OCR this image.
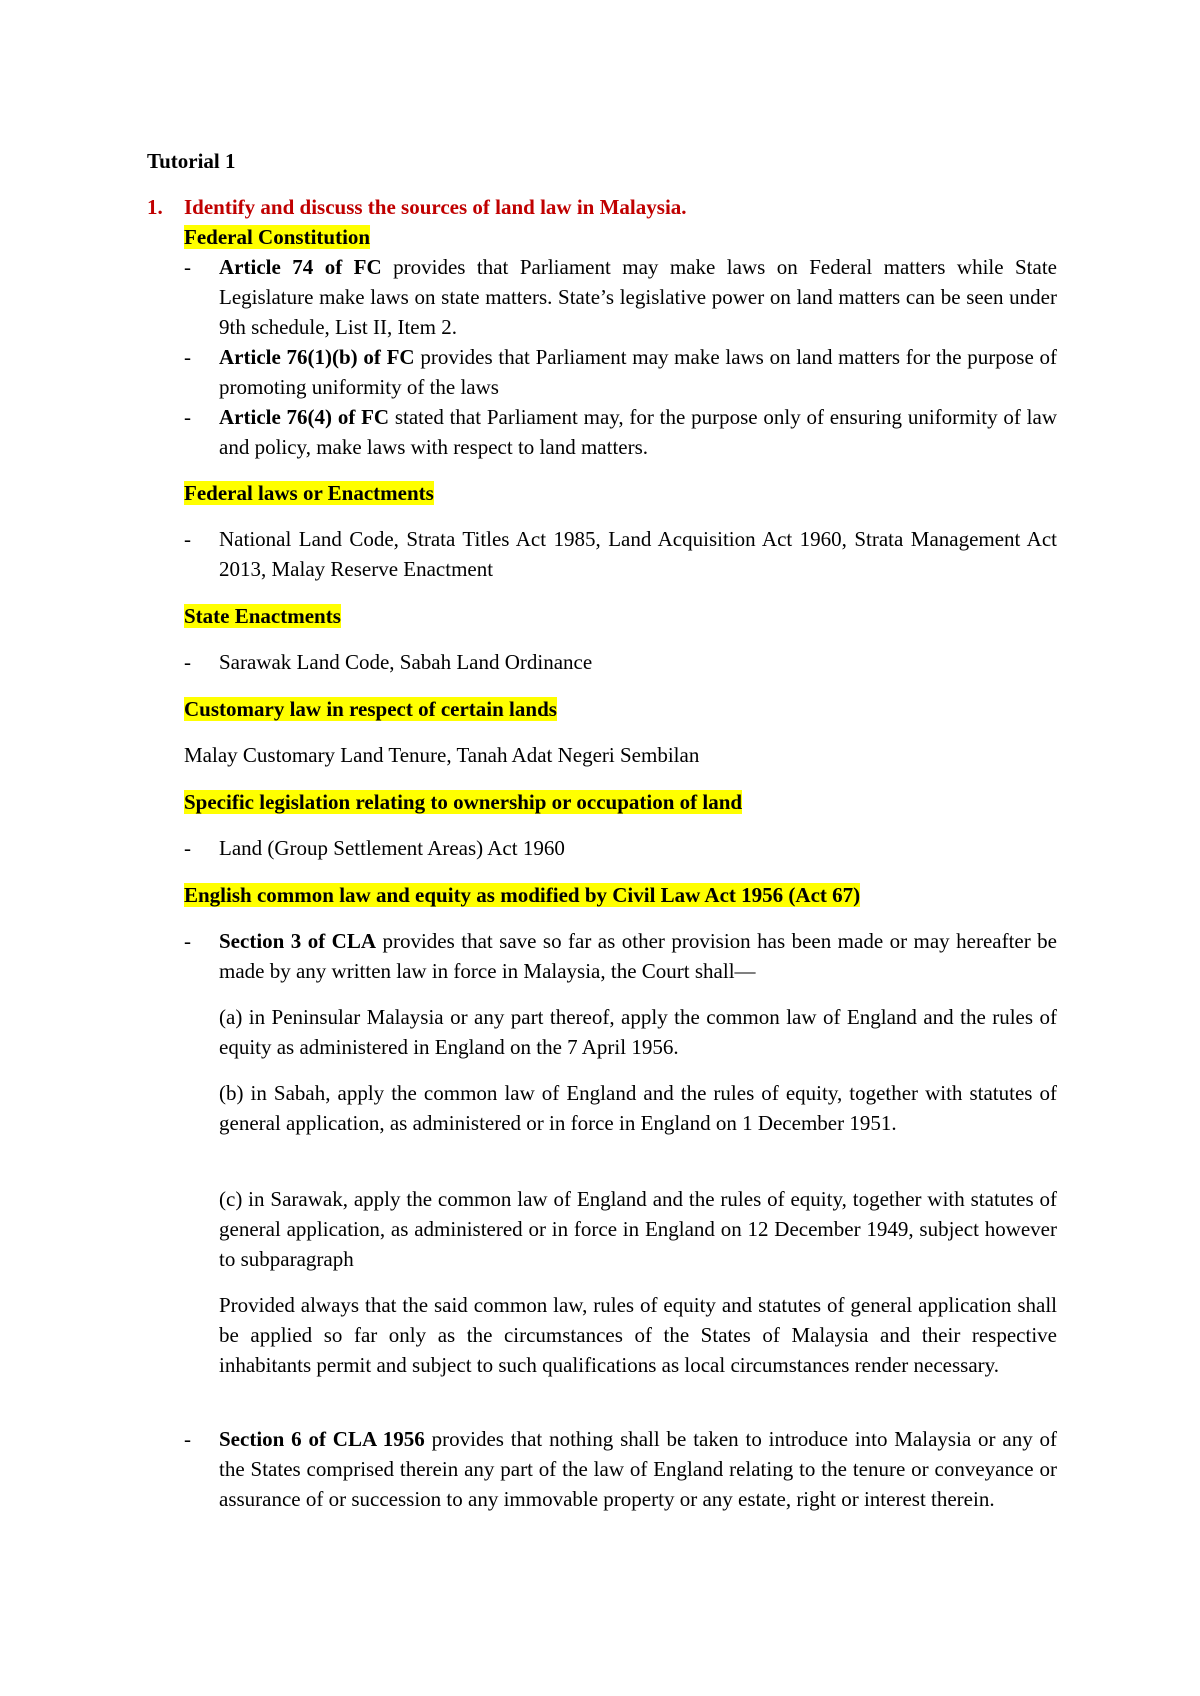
Tutorial 1
1. Identify and discuss the sources of land law in Malaysia.
Federal Constitution
- Article 74 of FC provides that Parliament may make laws on Federal matters while State Legislature make laws on state matters. State’s legislative power on land matters can be seen under 9th schedule, List II, Item 2.
- Article 76(1)(b) of FC provides that Parliament may make laws on land matters for the purpose of promoting uniformity of the laws
- Article 76(4) of FC stated that Parliament may, for the purpose only of ensuring uniformity of law and policy, make laws with respect to land matters.
Federal laws or Enactments
- National Land Code, Strata Titles Act 1985, Land Acquisition Act 1960, Strata Management Act 2013, Malay Reserve Enactment
State Enactments
- Sarawak Land Code, Sabah Land Ordinance
Customary law in respect of certain lands
Malay Customary Land Tenure, Tanah Adat Negeri Sembilan
Specific legislation relating to ownership or occupation of land
- Land (Group Settlement Areas) Act 1960
English common law and equity as modified by Civil Law Act 1956 (Act 67)
- Section 3 of CLA provides that save so far as other provision has been made or may hereafter be made by any written law in force in Malaysia, the Court shall—
(a) in Peninsular Malaysia or any part thereof, apply the common law of England and the rules of equity as administered in England on the 7 April 1956.
(b) in Sabah, apply the common law of England and the rules of equity, together with statutes of general application, as administered or in force in England on 1 December 1951.
(c) in Sarawak, apply the common law of England and the rules of equity, together with statutes of general application, as administered or in force in England on 12 December 1949, subject however to subparagraph
Provided always that the said common law, rules of equity and statutes of general application shall be applied so far only as the circumstances of the States of Malaysia and their respective inhabitants permit and subject to such qualifications as local circumstances render necessary.
- Section 6 of CLA 1956 provides that nothing shall be taken to introduce into Malaysia or any of the States comprised therein any part of the law of England relating to the tenure or conveyance or assurance of or succession to any immovable property or any estate, right or interest therein.
